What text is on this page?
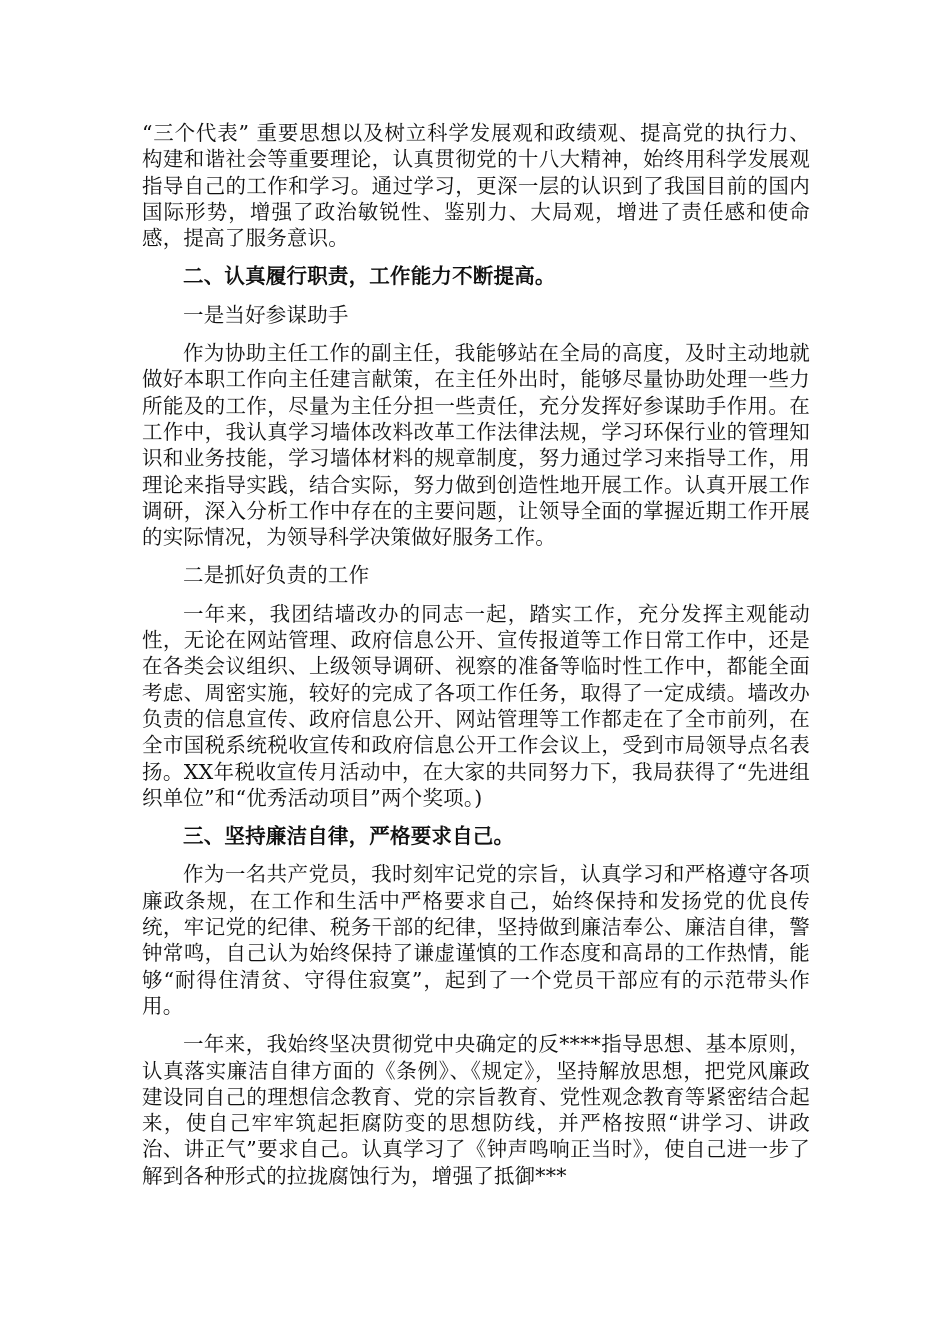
“三个代表” 重要思想以及树立科学发展观和政绩观、提高党的执行力、构建和谐社会等重要理论，认真贯彻党的十八大精神，始终用科学发展观指导自己的工作和学习。通过学习，更深一层的认识到了我国目前的国内国际形势，增强了政治敏锐性、鉴别力、大局观，增进了责任感和使命感，提高了服务意识。

二、认真履行职责，工作能力不断提高。

一是当好参谋助手

作为协助主任工作的副主任，我能够站在全局的高度，及时主动地就做好本职工作向主任建言献策，在主任外出时，能够尽量协助处理一些力所能及的工作，尽量为主任分担一些责任，充分发挥好参谋助手作用。在工作中，我认真学习墙体改料改革工作法律法规，学习环保行业的管理知识和业务技能，学习墙体材料的规章制度，努力通过学习来指导工作，用理论来指导实践，结合实际，努力做到创造性地开展工作。认真开展工作调研，深入分析工作中存在的主要问题，让领导全面的掌握近期工作开展的实际情况，为领导科学决策做好服务工作。

二是抓好负责的工作

一年来，我团结墙改办的同志一起，踏实工作，充分发挥主观能动性，无论在网站管理、政府信息公开、宣传报道等工作日常工作中，还是在各类会议组织、上级领导调研、视察的准备等临时性工作中，都能全面考虑、周密实施，较好的完成了各项工作任务，取得了一定成绩。墙改办负责的信息宣传、政府信息公开、网站管理等工作都走在了全市前列，在全市国税系统税收宣传和政府信息公开工作会议上，受到市局领导点名表扬。XX年税收宣传月活动中，在大家的共同努力下，我局获得了“先进组织单位”和“优秀活动项目”两个奖项。)

三、坚持廉洁自律，严格要求自己。

作为一名共产党员，我时刻牢记党的宗旨，认真学习和严格遵守各项廉政条规，在工作和生活中严格要求自己，始终保持和发扬党的优良传统，牢记党的纪律、税务干部的纪律，坚持做到廉洁奉公、廉洁自律，警钟常鸣，自己认为始终保持了谦虚谨慎的工作态度和高昂的工作热情，能够“耐得住清贫、守得住寂寞”，起到了一个党员干部应有的示范带头作用。

一年来，我始终坚决贯彻党中央确定的反****指导思想、基本原则，认真落实廉洁自律方面的《条例》、《规定》，坚持解放思想，把党风廉政建设同自己的理想信念教育、党的宗旨教育、党性观念教育等紧密结合起来，使自己牢牢筑起拒腐防变的思想防线，并严格按照“讲学习、讲政治、讲正气”要求自己。认真学习了《钟声鸣响正当时》，使自己进一步了解到各种形式的拉拢腐蚀行为，增强了抵御***
